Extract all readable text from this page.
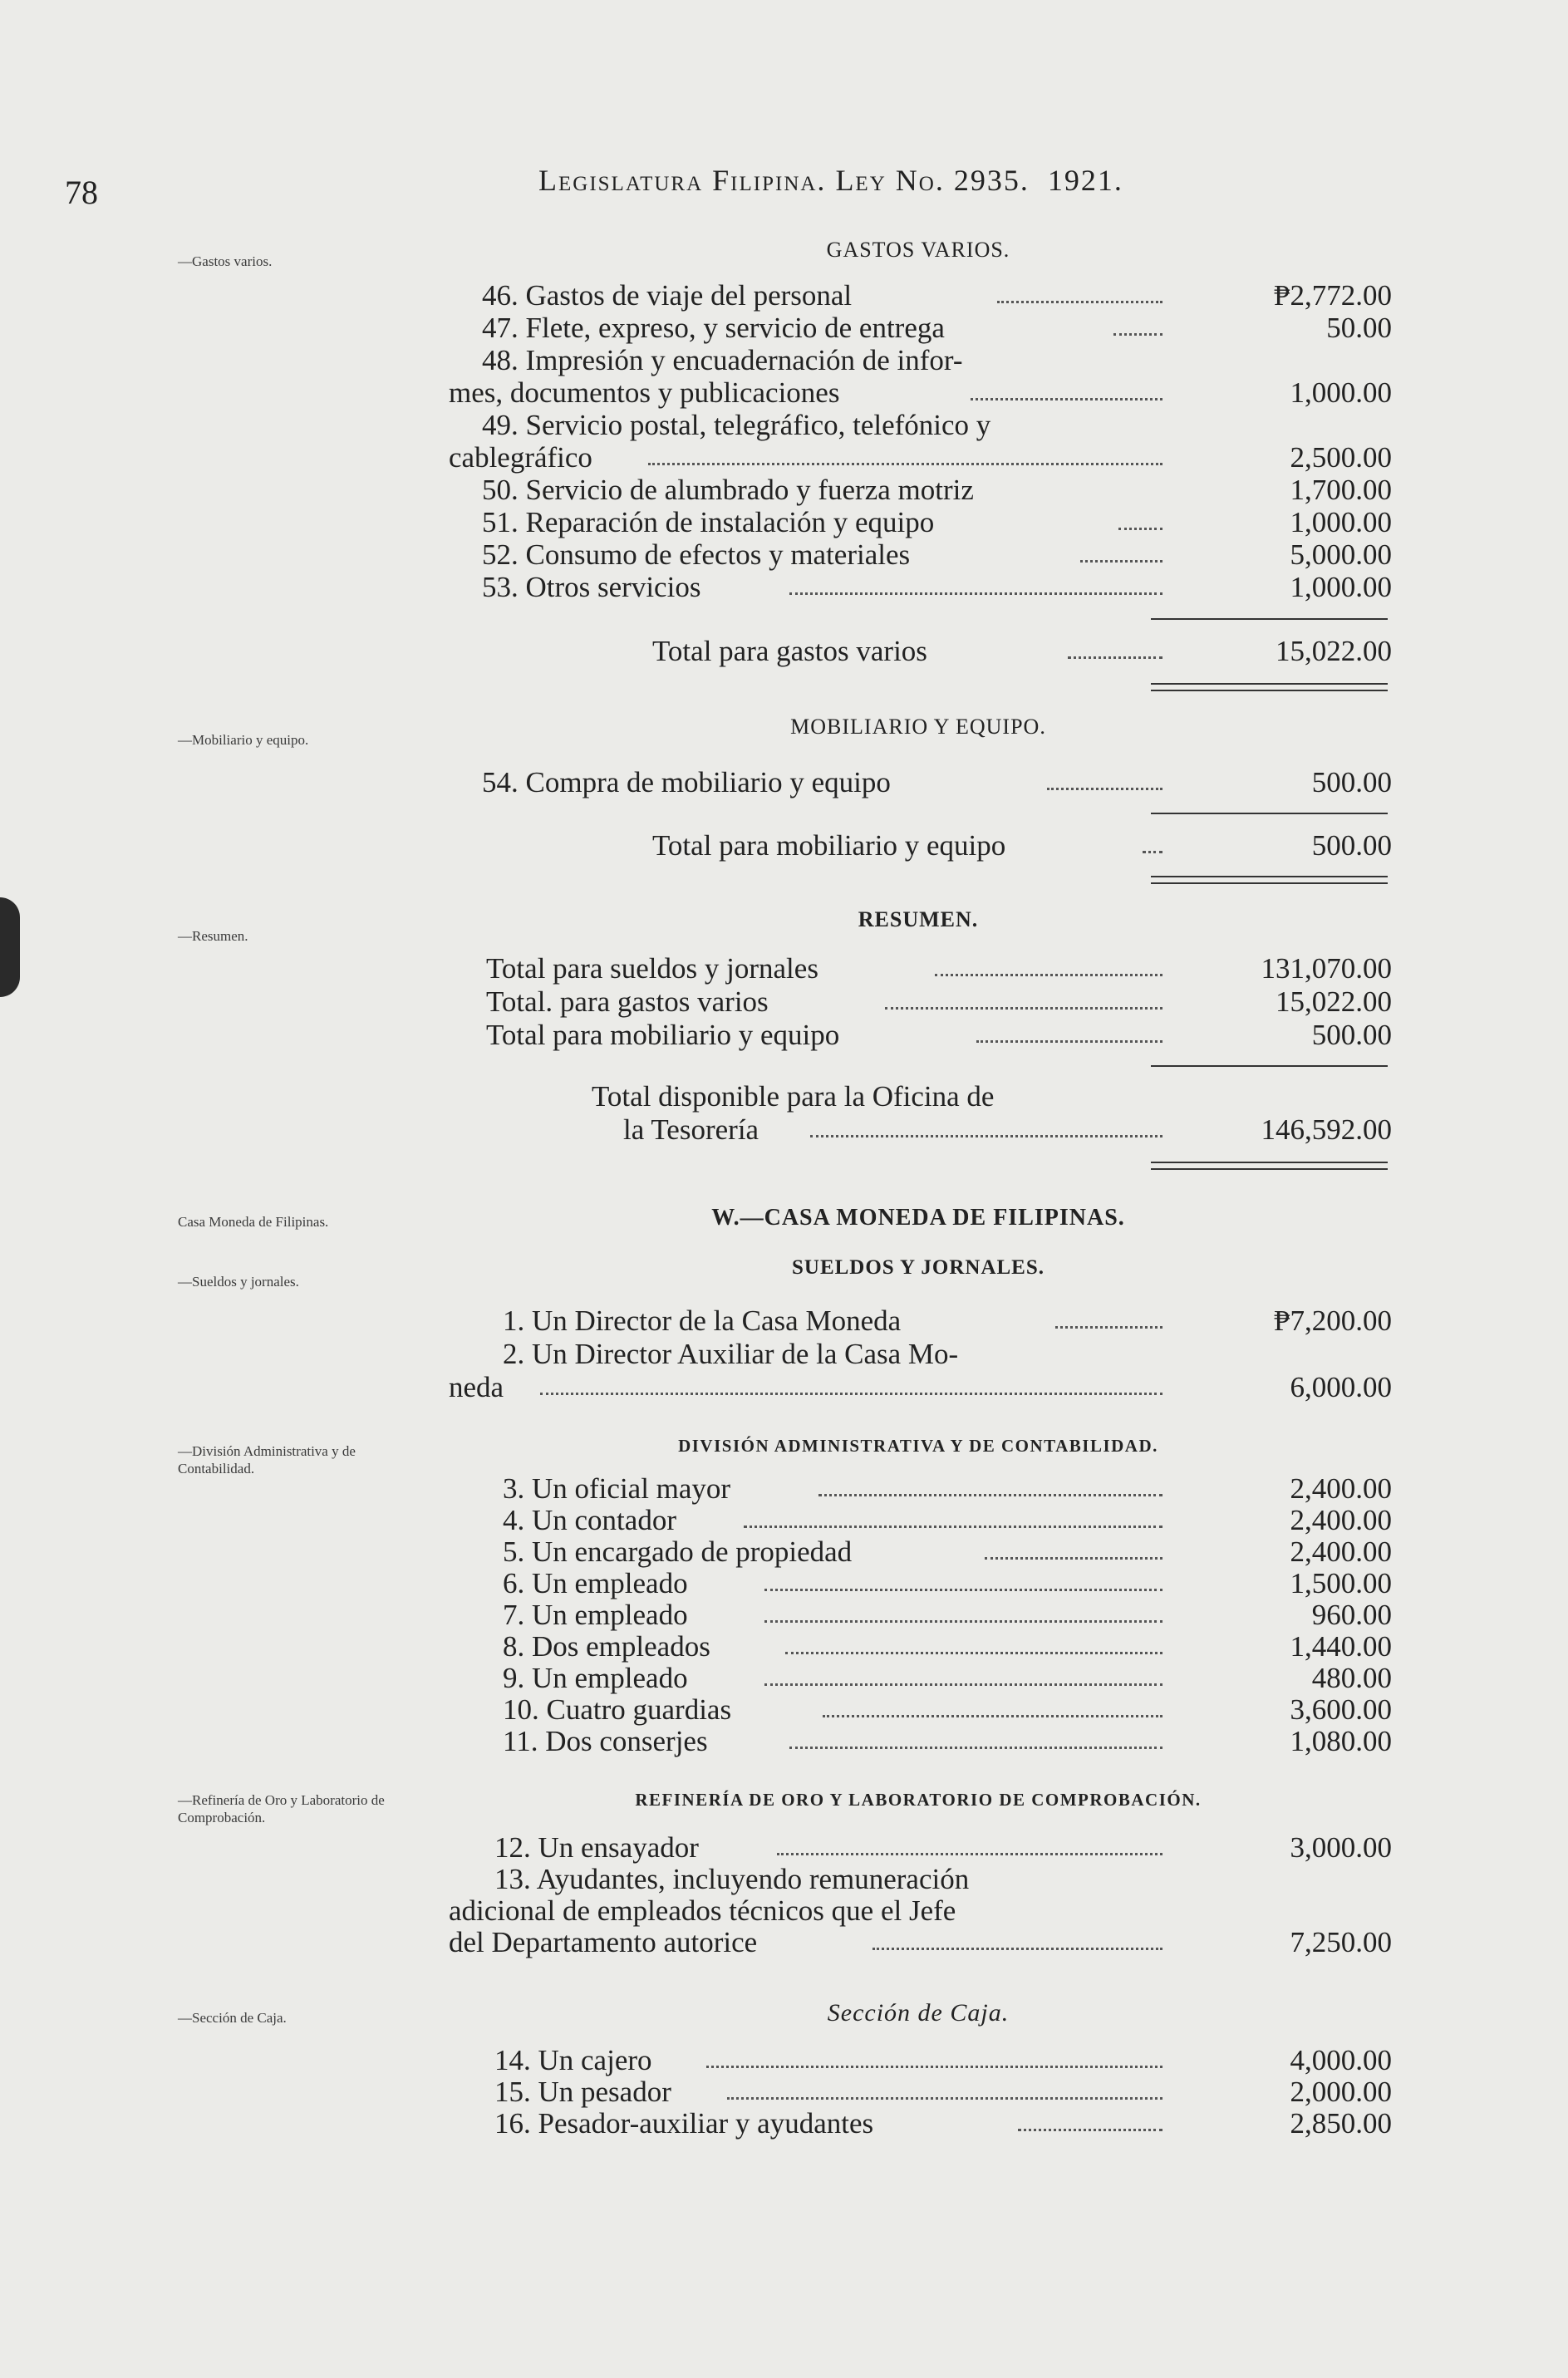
78	Legislatura Filipina. Ley No. 2935. 1921.
—Gastos varios.
—Mobiliario y equipo.
—Resumen.
Casa Moneda de Filipinas.
—Sueldos y jornales.
—División Administrativa y de Contabilidad.
—Refinería de Oro y Laboratorio de Comprobación.
—Sección de Caja.
GASTOS VARIOS.
46. Gastos de viaje del personal	₱2,772.00
47. Flete, expreso, y servicio de entrega	50.00
48. Impresión y encuadernación de infor-
mes, documentos y publicaciones	1,000.00
49. Servicio postal, telegráfico, telefónico y
cablegráfico	2,500.00
50. Servicio de alumbrado y fuerza motriz	1,700.00
51. Reparación de instalación y equipo	1,000.00
52. Consumo de efectos y materiales	5,000.00
53. Otros servicios	1,000.00
Total para gastos varios	15,022.00
MOBILIARIO Y EQUIPO.
54. Compra de mobiliario y equipo	500.00
Total para mobiliario y equipo	500.00
RESUMEN.
Total para sueldos y jornales	131,070.00
Total. para gastos varios	15,022.00
Total para mobiliario y equipo	500.00
Total disponible para la Oficina de
la Tesorería	146,592.00
W.—CASA MONEDA DE FILIPINAS.
SUELDOS Y JORNALES.
1. Un Director de la Casa Moneda	₱7,200.00
2. Un Director Auxiliar de la Casa Mo-
neda	6,000.00
DIVISIÓN ADMINISTRATIVA Y DE CONTABILIDAD.
3. Un oficial mayor	2,400.00
4. Un contador	2,400.00
5. Un encargado de propiedad	2,400.00
6. Un empleado	1,500.00
7. Un empleado	960.00
8. Dos empleados	1,440.00
9. Un empleado	480.00
10. Cuatro guardias	3,600.00
11. Dos conserjes	1,080.00
REFINERÍA DE ORO Y LABORATORIO DE COMPROBACIÓN.
12. Un ensayador	3,000.00
13. Ayudantes, incluyendo remuneración
adicional de empleados técnicos que el Jefe
del Departamento autorice	7,250.00
Sección de Caja.
14. Un cajero	4,000.00
15. Un pesador	2,000.00
16. Pesador-auxiliar y ayudantes	2,850.00
